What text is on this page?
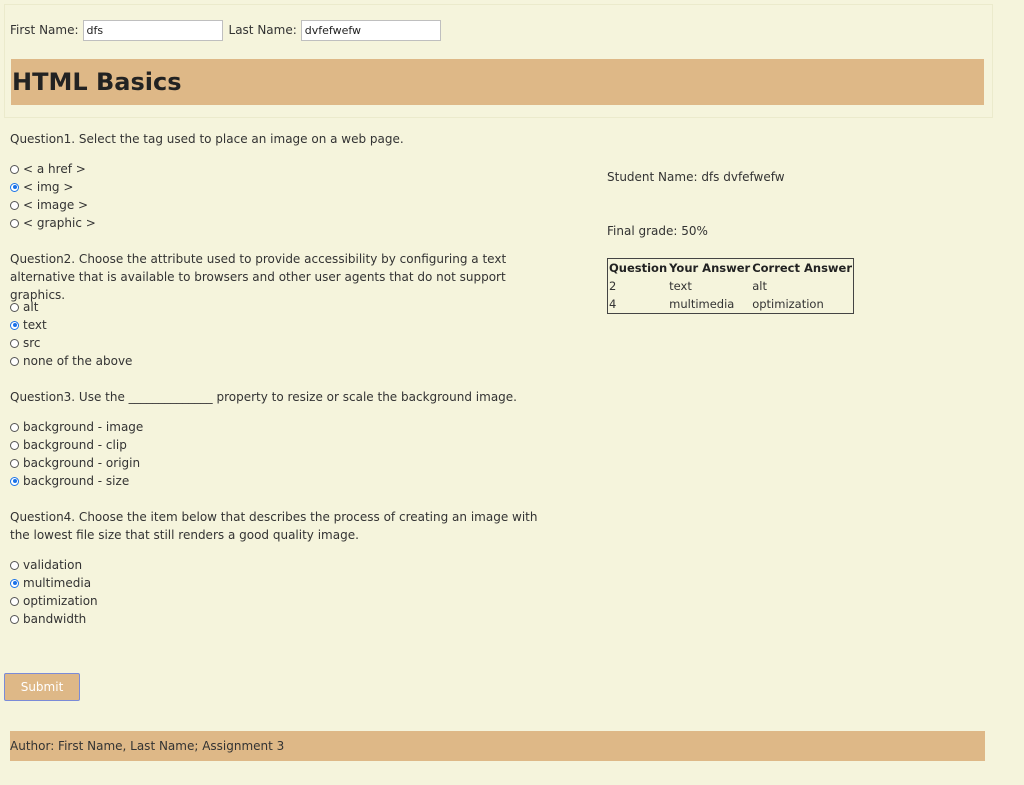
First Name:
dfs	Last Name:
dvfefwefw
HTML Basics

Question1. Select the tag used to place an image on a web page.

< a href >
< img >
< image >
< graphic >

Question2. Choose the attribute used to provide accessibility by configuring a text alternative that is available to browsers and other user agents that do not support graphics.

alt
text
src
none of the above

Question3. Use the ______________ property to resize or scale the background image.

background - image
background - clip
background - origin
background - size

Question4. Choose the item below that describes the process of creating an image with the lowest file size that still renders a good quality image.

validation
multimedia
optimization
bandwidth
Submit
Author: First Name, Last Name; Assignment 3
Student Name: dfs dvfefwefw
Final grade: 50%
Question	Your Answer	Correct Answer
2	text	alt
4	multimedia	optimization
